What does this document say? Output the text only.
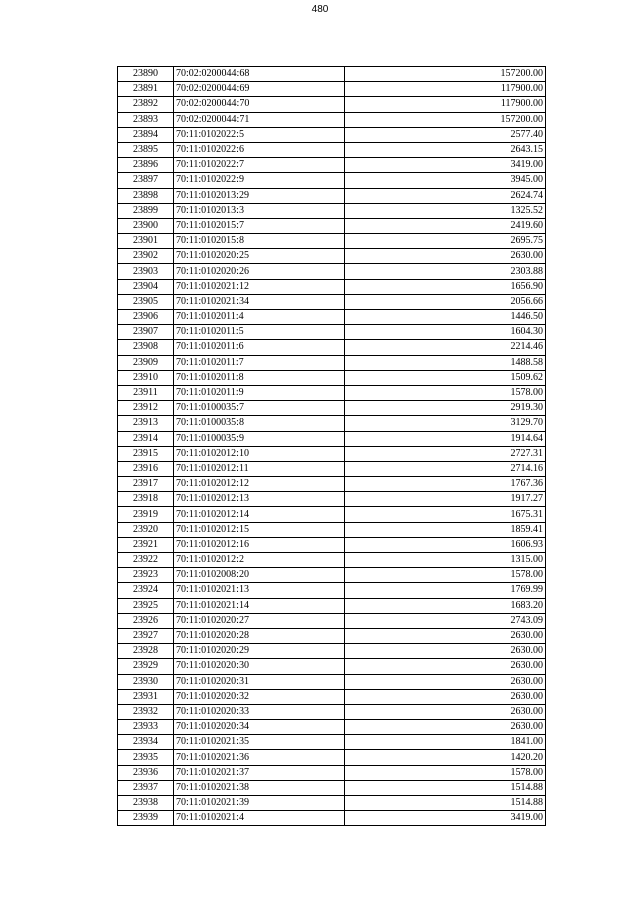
480
23890	70:02:0200044:68	157200.00
23891	70:02:0200044:69	117900.00
23892	70:02:0200044:70	117900.00
23893	70:02:0200044:71	157200.00
23894	70:11:0102022:5	2577.40
23895	70:11:0102022:6	2643.15
23896	70:11:0102022:7	3419.00
23897	70:11:0102022:9	3945.00
23898	70:11:0102013:29	2624.74
23899	70:11:0102013:3	1325.52
23900	70:11:0102015:7	2419.60
23901	70:11:0102015:8	2695.75
23902	70:11:0102020:25	2630.00
23903	70:11:0102020:26	2303.88
23904	70:11:0102021:12	1656.90
23905	70:11:0102021:34	2056.66
23906	70:11:0102011:4	1446.50
23907	70:11:0102011:5	1604.30
23908	70:11:0102011:6	2214.46
23909	70:11:0102011:7	1488.58
23910	70:11:0102011:8	1509.62
23911	70:11:0102011:9	1578.00
23912	70:11:0100035:7	2919.30
23913	70:11:0100035:8	3129.70
23914	70:11:0100035:9	1914.64
23915	70:11:0102012:10	2727.31
23916	70:11:0102012:11	2714.16
23917	70:11:0102012:12	1767.36
23918	70:11:0102012:13	1917.27
23919	70:11:0102012:14	1675.31
23920	70:11:0102012:15	1859.41
23921	70:11:0102012:16	1606.93
23922	70:11:0102012:2	1315.00
23923	70:11:0102008:20	1578.00
23924	70:11:0102021:13	1769.99
23925	70:11:0102021:14	1683.20
23926	70:11:0102020:27	2743.09
23927	70:11:0102020:28	2630.00
23928	70:11:0102020:29	2630.00
23929	70:11:0102020:30	2630.00
23930	70:11:0102020:31	2630.00
23931	70:11:0102020:32	2630.00
23932	70:11:0102020:33	2630.00
23933	70:11:0102020:34	2630.00
23934	70:11:0102021:35	1841.00
23935	70:11:0102021:36	1420.20
23936	70:11:0102021:37	1578.00
23937	70:11:0102021:38	1514.88
23938	70:11:0102021:39	1514.88
23939	70:11:0102021:4	3419.00
